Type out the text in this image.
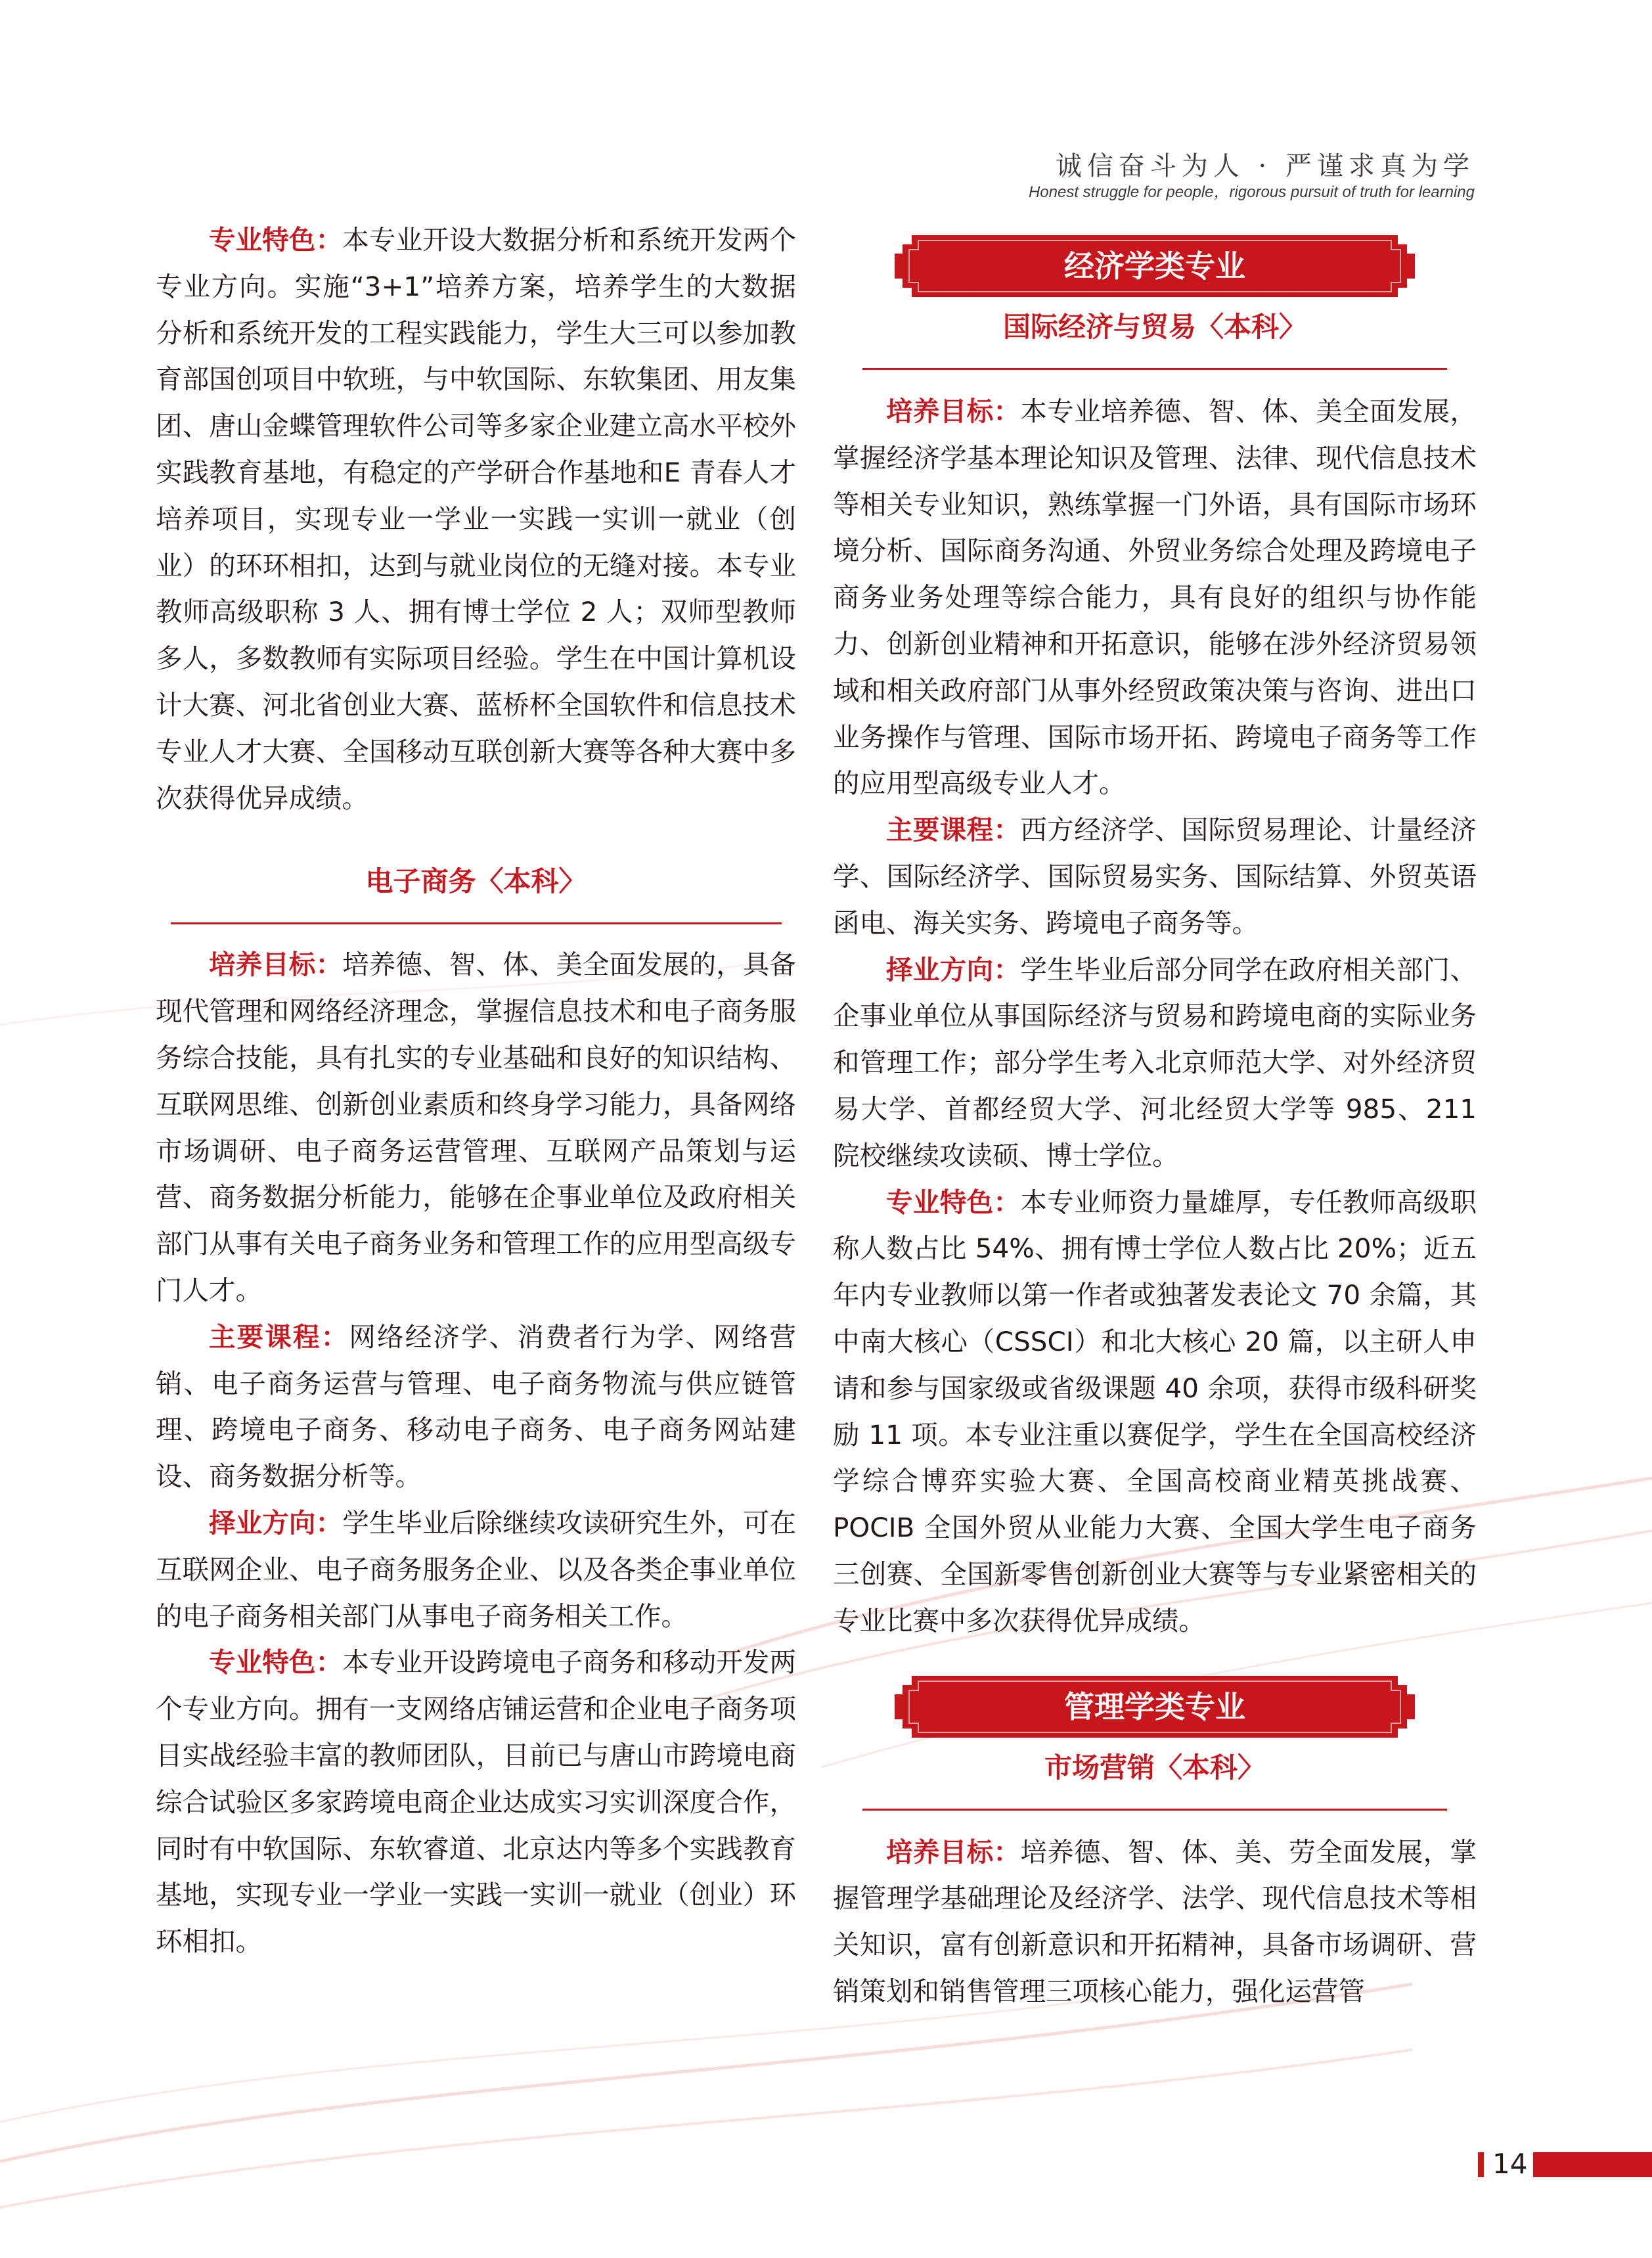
诚信奋斗为人 · 严谨求真为学
Honest struggle for people，rigorous pursuit of truth for learning

专业特色：本专业开设大数据分析和系统开发两个专业方向。实施“3+1”培养方案，培养学生的大数据分析和系统开发的工程实践能力，学生大三可以参加教育部国创项目中软班，与中软国际、东软集团、用友集团、唐山金蝶管理软件公司等多家企业建立高水平校外实践教育基地，有稳定的产学研合作基地和E 青春人才培养项目，实现专业一学业一实践一实训一就业（创业）的环环相扣，达到与就业岗位的无缝对接。本专业教师高级职称 3 人、拥有博士学位 2 人；双师型教师多人，多数教师有实际项目经验。学生在中国计算机设计大赛、河北省创业大赛、蓝桥杯全国软件和信息技术专业人才大赛、全国移动互联创新大赛等各种大赛中多次获得优异成绩。

电子商务〈本科〉

培养目标：培养德、智、体、美全面发展的，具备现代管理和网络经济理念，掌握信息技术和电子商务服务综合技能，具有扎实的专业基础和良好的知识结构、互联网思维、创新创业素质和终身学习能力，具备网络市场调研、电子商务运营管理、互联网产品策划与运营、商务数据分析能力，能够在企事业单位及政府相关部门从事有关电子商务业务和管理工作的应用型高级专门人才。

主要课程：网络经济学、消费者行为学、网络营销、电子商务运营与管理、电子商务物流与供应链管理、跨境电子商务、移动电子商务、电子商务网站建设、商务数据分析等。

择业方向：学生毕业后除继续攻读研究生外，可在互联网企业、电子商务服务企业、以及各类企事业单位的电子商务相关部门从事电子商务相关工作。

专业特色：本专业开设跨境电子商务和移动开发两个专业方向。拥有一支网络店铺运营和企业电子商务项目实战经验丰富的教师团队，目前已与唐山市跨境电商综合试验区多家跨境电商企业达成实习实训深度合作，同时有中软国际、东软睿道、北京达内等多个实践教育基地，实现专业一学业一实践一实训一就业（创业）环环相扣。

经济学类专业
国际经济与贸易〈本科〉

培养目标：本专业培养德、智、体、美全面发展，掌握经济学基本理论知识及管理、法律、现代信息技术等相关专业知识，熟练掌握一门外语，具有国际市场环境分析、国际商务沟通、外贸业务综合处理及跨境电子商务业务处理等综合能力，具有良好的组织与协作能力、创新创业精神和开拓意识，能够在涉外经济贸易领域和相关政府部门从事外经贸政策决策与咨询、进出口业务操作与管理、国际市场开拓、跨境电子商务等工作的应用型高级专业人才。

主要课程：西方经济学、国际贸易理论、计量经济学、国际经济学、国际贸易实务、国际结算、外贸英语函电、海关实务、跨境电子商务等。

择业方向：学生毕业后部分同学在政府相关部门、企事业单位从事国际经济与贸易和跨境电商的实际业务和管理工作；部分学生考入北京师范大学、对外经济贸易大学、首都经贸大学、河北经贸大学等 985、211 院校继续攻读硕、博士学位。

专业特色：本专业师资力量雄厚，专任教师高级职称人数占比 54%、拥有博士学位人数占比 20%；近五年内专业教师以第一作者或独著发表论文 70 余篇，其中南大核心（CSSCI）和北大核心 20 篇，以主研人申请和参与国家级或省级课题 40 余项，获得市级科研奖励 11 项。本专业注重以赛促学，学生在全国高校经济学综合博弈实验大赛、全国高校商业精英挑战赛、POCIB 全国外贸从业能力大赛、全国大学生电子商务三创赛、全国新零售创新创业大赛等与专业紧密相关的专业比赛中多次获得优异成绩。

管理学类专业
市场营销〈本科〉

培养目标：培养德、智、体、美、劳全面发展，掌握管理学基础理论及经济学、法学、现代信息技术等相关知识，富有创新意识和开拓精神，具备市场调研、营销策划和销售管理三项核心能力，强化运营管

14
